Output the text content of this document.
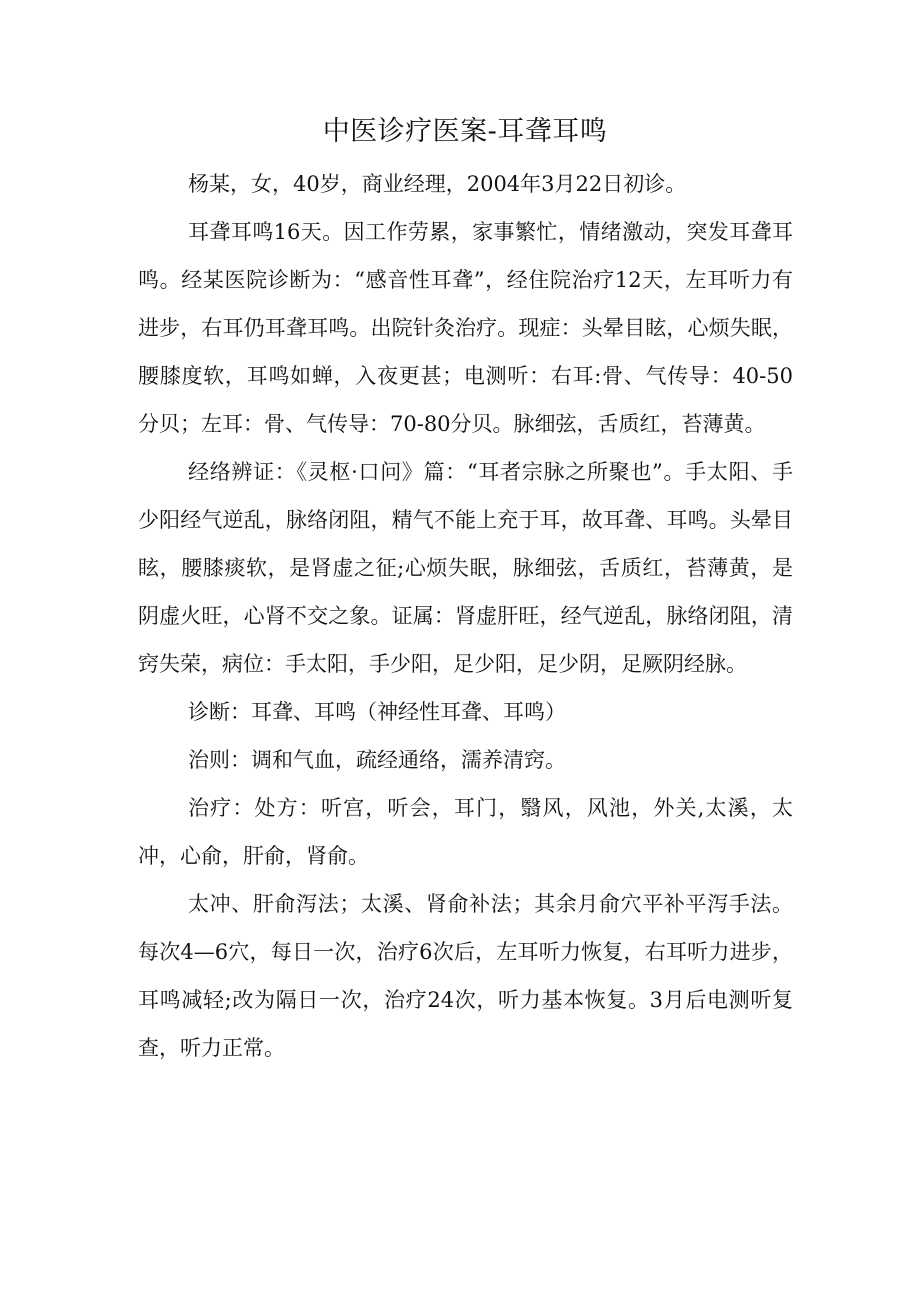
中医诊疗医案-耳聋耳鸣

杨某，女，40岁，商业经理，2004年3月22日初诊。

耳聋耳鸣16天。因工作劳累，家事繁忙，情绪激动，突发耳聋耳鸣。经某医院诊断为：“感音性耳聋”，经住院治疗12天，左耳听力有进步，右耳仍耳聋耳鸣。出院针灸治疗。现症：头晕目眩，心烦失眠，腰膝度软，耳鸣如蝉，入夜更甚；电测听：右耳:骨、气传导：40-50分贝；左耳：骨、气传导：70-80分贝。脉细弦，舌质红，苔薄黄。

经络辨证：《灵枢·口问》篇：“耳者宗脉之所聚也”。手太阳、手少阳经气逆乱，脉络闭阻，精气不能上充于耳，故耳聋、耳鸣。头晕目眩，腰膝痰软，是肾虚之征;心烦失眠，脉细弦，舌质红，苔薄黄，是阴虚火旺，心肾不交之象。证属：肾虚肝旺，经气逆乱，脉络闭阻，清窍失荣，病位：手太阳，手少阳，足少阳，足少阴，足厥阴经脉。

诊断：耳聋、耳鸣（神经性耳聋、耳鸣）

治则：调和气血，疏经通络，濡养清窍。

治疗：处方：听宫，听会，耳门，翳风，风池，外关,太溪，太冲，心俞，肝俞，肾俞。

太冲、肝俞泻法；太溪、肾俞补法；其余月俞穴平补平泻手法。每次4—6穴，每日一次，治疗6次后，左耳听力恢复，右耳听力进步，耳鸣减轻;改为隔日一次，治疗24次，听力基本恢复。3月后电测听复查，听力正常。
